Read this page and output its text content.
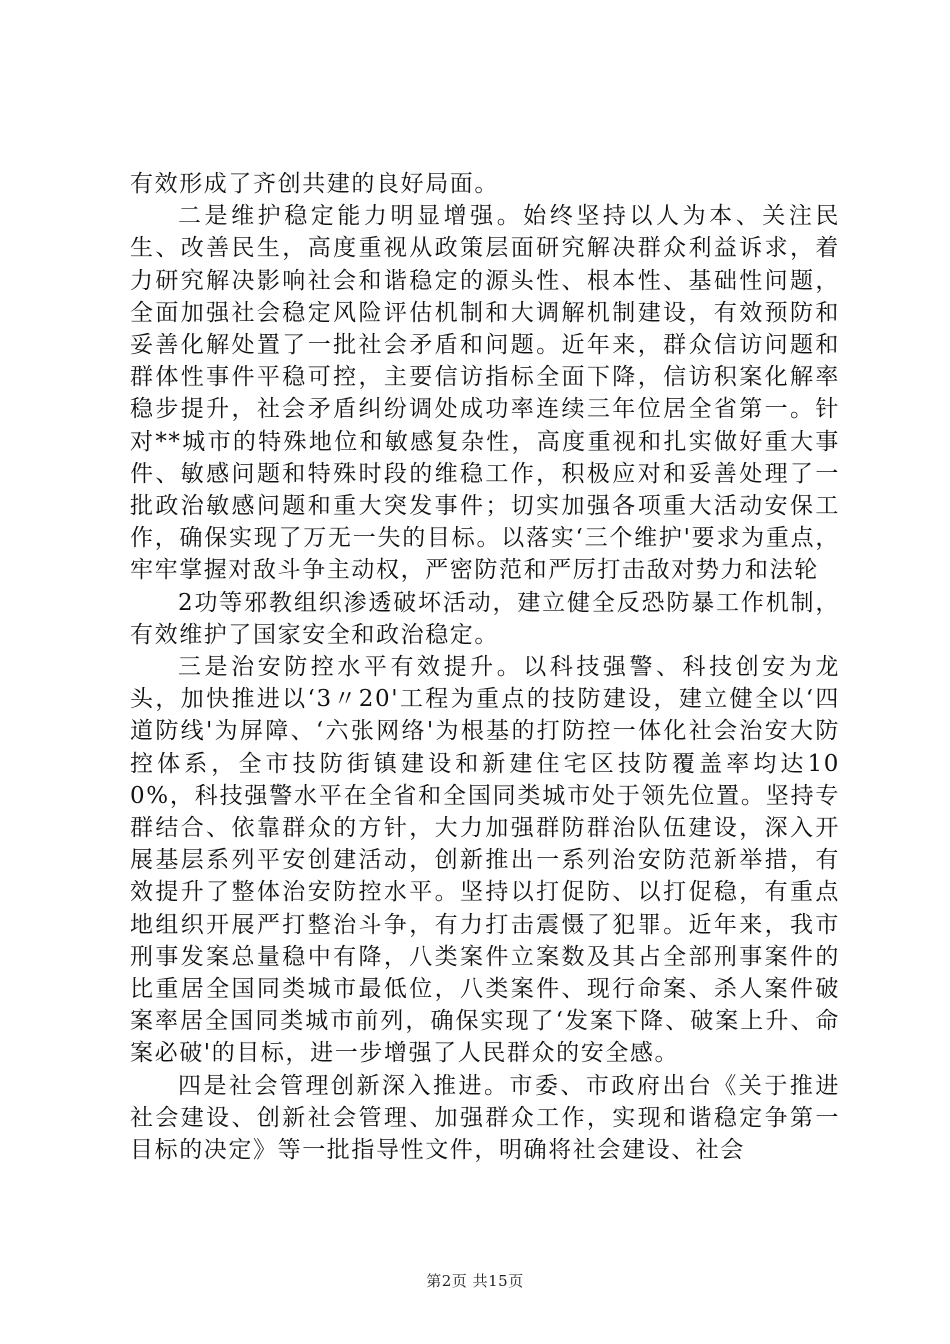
有效形成了齐创共建的良好局面。

二是维护稳定能力明显增强。始终坚持以人为本、关注民生、改善民生，高度重视从政策层面研究解决群众利益诉求，着力研究解决影响社会和谐稳定的源头性、根本性、基础性问题，全面加强社会稳定风险评估机制和大调解机制建设，有效预防和妥善化解处置了一批社会矛盾和问题。近年来，群众信访问题和群体性事件平稳可控，主要信访指标全面下降，信访积案化解率稳步提升，社会矛盾纠纷调处成功率连续三年位居全省第一。针对**城市的特殊地位和敏感复杂性，高度重视和扎实做好重大事件、敏感问题和特殊时段的维稳工作，积极应对和妥善处理了一批政治敏感问题和重大突发事件；切实加强各项重大活动安保工作，确保实现了万无一失的目标。以落实‘三个维护'要求为重点，牢牢掌握对敌斗争主动权，严密防范和严厉打击敌对势力和法轮

2功等邪教组织渗透破坏活动，建立健全反恐防暴工作机制，有效维护了国家安全和政治稳定。

三是治安防控水平有效提升。以科技强警、科技创安为龙头，加快推进以‘3〃20'工程为重点的技防建设，建立健全以‘四道防线'为屏障、‘六张网络'为根基的打防控一体化社会治安大防控体系，全市技防街镇建设和新建住宅区技防覆盖率均达100%，科技强警水平在全省和全国同类城市处于领先位置。坚持专群结合、依靠群众的方针，大力加强群防群治队伍建设，深入开展基层系列平安创建活动，创新推出一系列治安防范新举措，有效提升了整体治安防控水平。坚持以打促防、以打促稳，有重点地组织开展严打整治斗争，有力打击震慑了犯罪。近年来，我市刑事发案总量稳中有降，八类案件立案数及其占全部刑事案件的比重居全国同类城市最低位，八类案件、现行命案、杀人案件破案率居全国同类城市前列，确保实现了‘发案下降、破案上升、命案必破'的目标，进一步增强了人民群众的安全感。

四是社会管理创新深入推进。市委、市政府出台《关于推进社会建设、创新社会管理、加强群众工作，实现和谐稳定争第一目标的决定》等一批指导性文件，明确将社会建设、社会

第2页 共15页
